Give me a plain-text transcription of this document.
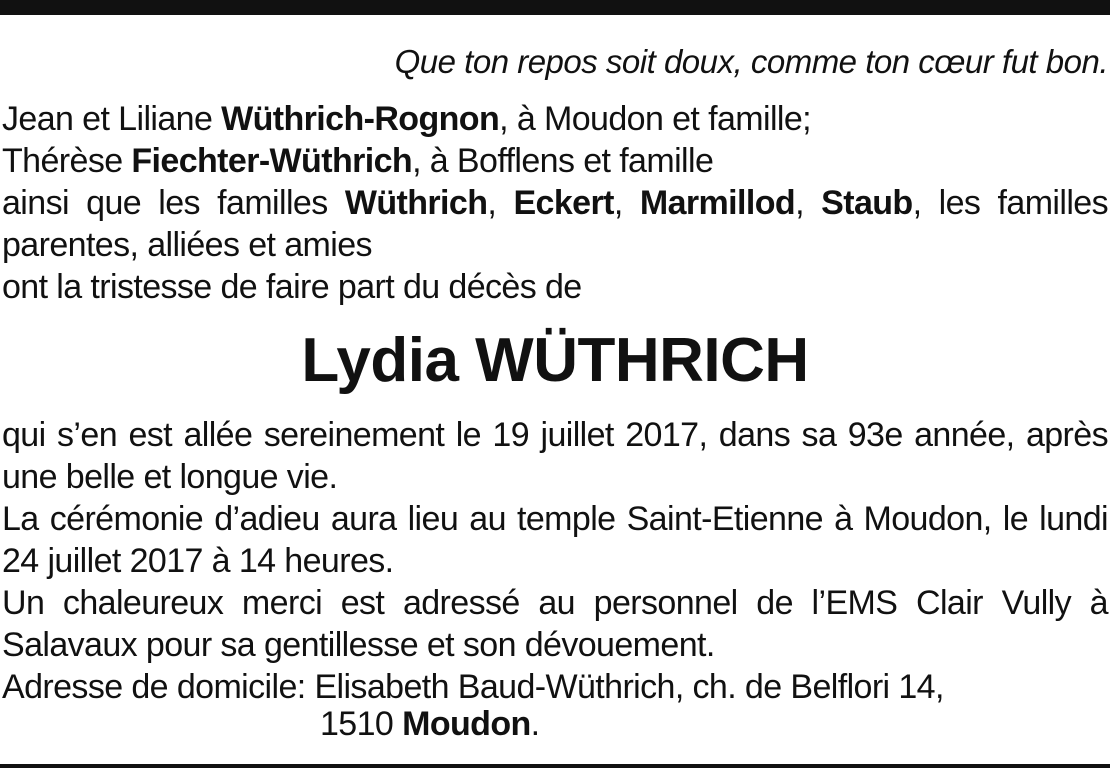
Que ton repos soit doux, comme ton cœur fut bon.

Jean et Liliane Wüthrich-Rognon, à Moudon et famille;

Thérèse Fiechter-Wüthrich, à Bofflens et famille

ainsi que les familles Wüthrich, Eckert, Marmillod, Staub, les familles parentes, alliées et amies

ont la tristesse de faire part du décès de

Lydia WÜTHRICH

qui s’en est allée sereinement le 19 juillet 2017, dans sa 93e année, après une belle et longue vie.

La cérémonie d’adieu aura lieu au temple Saint-Etienne à Moudon, le lundi 24 juillet 2017 à 14 heures.

Un chaleureux merci est adressé au personnel de l’EMS Clair Vully à Salavaux pour sa gentillesse et son dévouement.

Adresse de domicile: Elisabeth Baud-Wüthrich, ch. de Belflori 14,

1510 Moudon.
